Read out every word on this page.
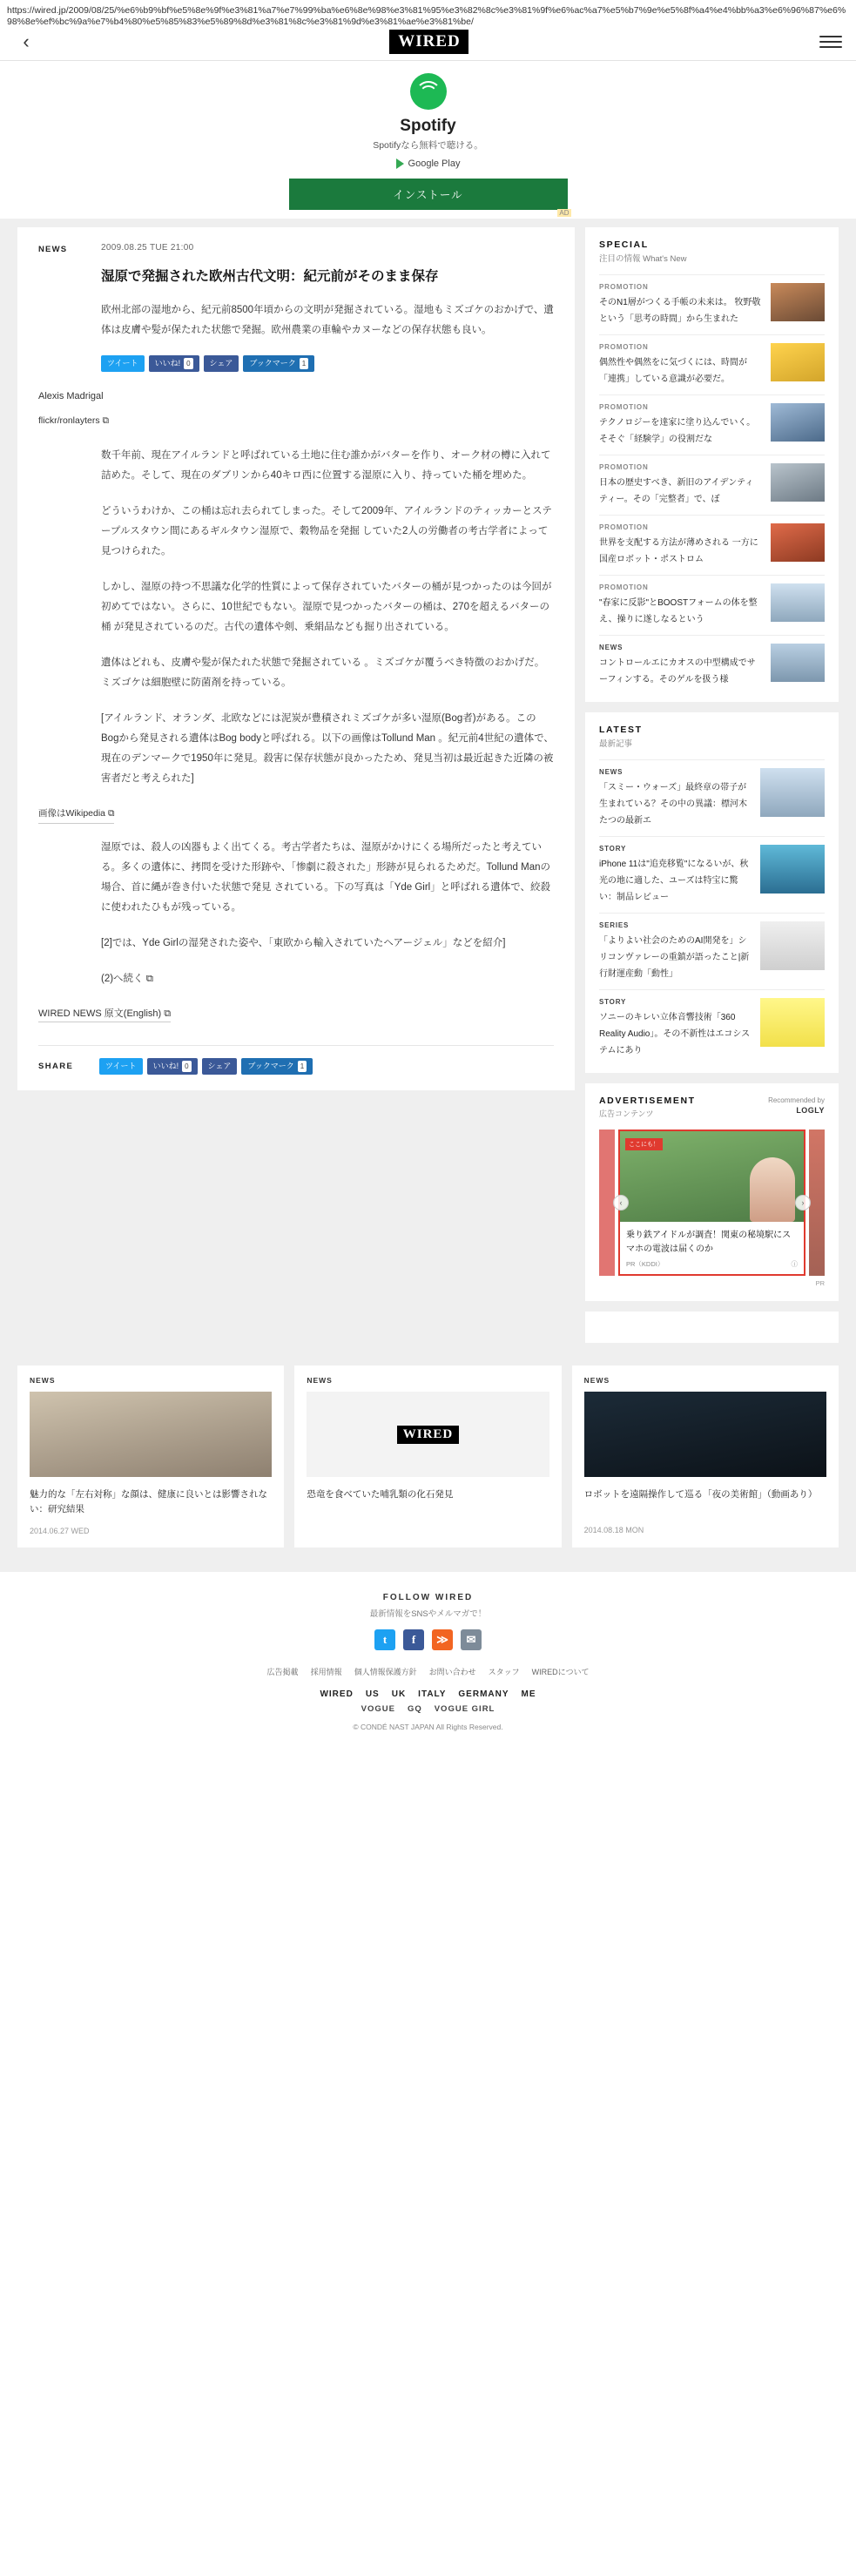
https://wired.jp/2009/08/25/%e6%b9%bf%e5%8e%9f%e3%81%a7%e7%99%ba%e6%8e%98%e3%81%95%e3%82%8c%e3%81%9f%e6%ac%a7%e5%b7%9e%e5%8f%a4%e4%bb%a3%e6%96%87%e6%98%8e%ef%bc%9a%e7%b4%80%e5%85%83%e5%89%8d%e3%81%8c%e3%81%9d%e3%81%ae%e3%81%be/
‹	WIRED
Spotify
Spotifyなら無料で聴ける。
Google Play
インストール
AD
NEWS	2009.08.25 TUE 21:00
湿原で発掘された欧州古代文明：紀元前がそのまま保存

欧州北部の湿地から、紀元前8500年頃からの文明が発掘されている。湿地もミズゴケのおかげで、遺体は皮膚や髪が保たれた状態で発掘。欧州農業の車輪やカヌーなどの保存状態も良い。

ツイート いいね! 0	シェア ブックマーク 1
Alexis Madrigal
flickr/ronlayters ⧉

数千年前、現在アイルランドと呼ばれている土地に住む誰かがバターを作り、オーク材の樽に入れて詰めた。そして、現在のダブリンから40キロ西に位置する湿原に入り、持っていた桶を埋めた。

どういうわけか、この桶は忘れ去られてしまった。そして2009年、アイルランドのティッカーとステープルスタウン間にあるギルタウン湿原で、穀物品を発掘 していた2人の労働者の考古学者によって見つけられた。

しかし、湿原の持つ不思議な化学的性質によって保存されていたバターの桶が見つかったのは今回が初めてではない。さらに、10世紀でもない。湿原で見つかったバターの桶は、270を超えるバターの桶 が発見されているのだ。古代の遺体や剣、乗絹品なども掘り出されている。

遺体はどれも、皮膚や髪が保たれた状態で発掘されている 。ミズゴケが覆うべき特徴のおかげだ。ミズゴケは細胞壁に防菌剤を持っている。

[アイルランド、オランダ、北欧などには泥炭が豊積されミズゴケが多い湿原(Bog者)がある。このBogから発見される遺体はBog bodyと呼ばれる。以下の画像はTollund Man 。紀元前4世紀の遺体で、現在のデンマークで1950年に発見。殺害に保存状態が良かったため、発見当初は最近起きた近隣の被害者だと考えられた]

画像はWikipedia ⧉

湿原では、殺人の凶器もよく出てくる。考古学者たちは、湿原がかけにくる場所だったと考えている。多くの遺体に、拷問を受けた形跡や、「惨劇に殺された」形跡が見られるためだ。Tollund Manの場合、首に縄が巻き付いた状態で発見 されている。下の写真は「Yde Girl」と呼ばれる遺体で、絞殺に使われたひもが残っている。

[2]では、Yde Girlの湿発された姿や、「東欧から輸入されていたヘアージェル」などを紹介]

(2)へ続く ⧉

WIRED NEWS 原文(English) ⧉
SHARE	ツイート いいね! 0	シェア ブックマーク 1
SPECIAL
注目の情報 What's New
PROMOTION
そのN1層がつくる手帳の未来は。 牧野敬という「思考の時間」から生まれた
PROMOTION
偶然性や偶然をに気づくには、時間が「連携」している意識が必要だ。
PROMOTION
テクノロジーを達家に塗り込んでいく。そそぐ「経験学」の役割だな
PROMOTION
日本の歴史すべき、新旧のアイデンティティー。その「完整者」で、ぼ
PROMOTION
世界を支配する方法が薄めされる 一方に国産ロボット・ポストロム
PROMOTION
"春家に反影"とBOOSTフォームの体を整え、操りに遂しなるという
NEWS
コントロールエにカオスの中型構成でサーフィンする。そのゲルを扱う様
LATEST
最新記事
NEWS
「スミー・ウォーズ」最終章の帯子が生まれている？その中の異議：標河木たつの最新エ
STORY
iPhone 11は"追尭移覧"になるいが、秋光の地に適した、ユーズは特宝に驚い：制品レビュー
SERIES
「よりよい社会のためのAI開発を」シリコンヴァレーの重鎮が語ったこと|新行財運産動「動性」
STORY
ソニーのキレい立体音響技術「360 Reality Audio」。その不新性はエコシステムにあり
ADVERTISEMENT
広告コンテンツ
Recommended by
LOGLY
ここにも！
乗り鉄アイドルが調査！関東の秘境駅にスマホの電波は届くのか
PR（KDDI）	ⓘ
‹	›
PR
NEWS
魅力的な「左右対称」な顔は、健康に良いとは影響されない：研究結果
2014.06.27 WED
NEWS
WIRED
恐竜を食べていた哺乳類の化石発見
NEWS
ロボットを遠隔操作して巡る「夜の美術館」（動画あり）
2014.08.18 MON
FOLLOW WIRED
最新情報をSNSやメルマガで！
t	f	≫	✉
広告掲載 採用情報 個人情報保護方針 お問い合わせ スタッフ WIREDについて
WIRED US UK ITALY GERMANY ME
VOGUE GQ VOGUE GIRL
© CONDÉ NAST JAPAN All Rights Reserved.
